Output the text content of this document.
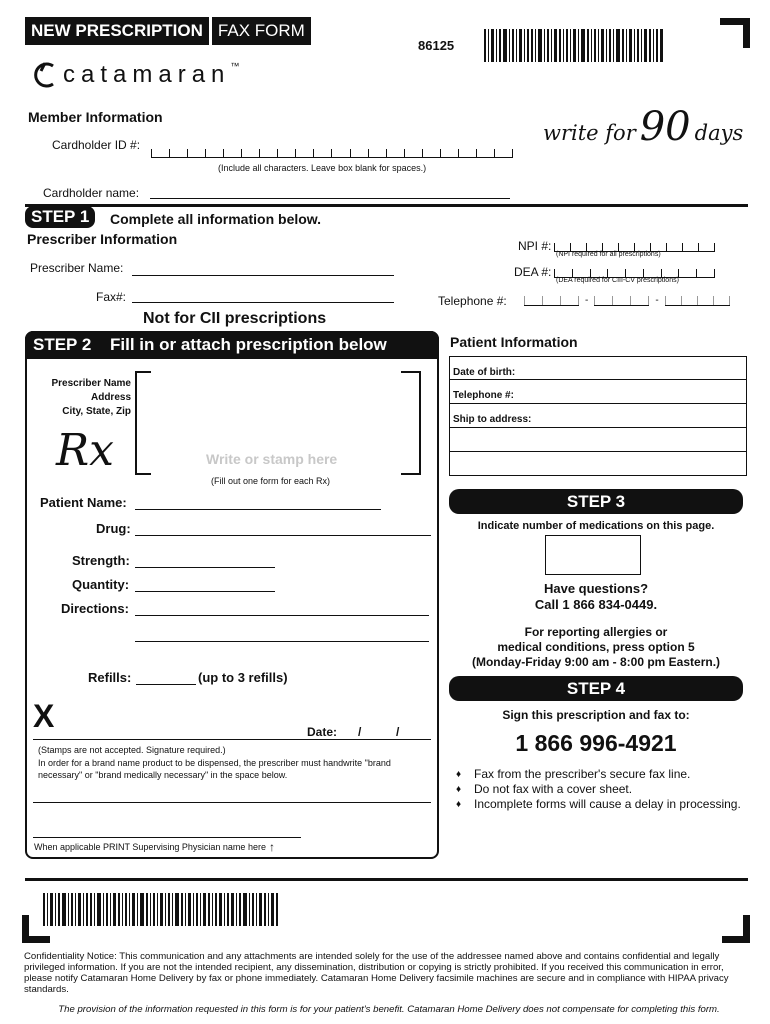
NEW PRESCRIPTION FAX FORM
86125
catamaran ™
write for 90 days
Member Information
Cardholder ID #:
(Include all characters. Leave box blank for spaces.)
Cardholder name:
STEP 1	Complete all information below.
Prescriber Information
Prescriber Name:
Fax#:
NPI #:
(NPI required for all prescriptions)
DEA #:
(DEA required for CIII-CV prescriptions)
Telephone #:	-	-
Not for CII prescriptions
STEP 2 Fill in or attach prescription below
Prescriber Name
Address
City, State, Zip
Rx	Write or stamp here
(Fill out one form for each Rx)
Patient Name:
Drug:
Strength:
Quantity:
Directions:
Refills:	(up to 3 refills)
X	Date: /	/
(Stamps are not accepted. Signature required.)
In order for a brand name product to be dispensed, the prescriber must handwrite "brand necessary" or "brand medically necessary" in the space below.
When applicable PRINT Supervising Physician name here ↑
Patient Information
Date of birth:
Telephone #:
Ship to address:
STEP 3
Indicate number of medications on this page.
Have questions?
Call 1 866 834-0449.
For reporting allergies or
medical conditions, press option 5
(Monday-Friday 9:00 am - 8:00 pm Eastern.)
STEP 4
Sign this prescription and fax to:
1 866 996-4921
♦ Fax from the prescriber's secure fax line.
♦ Do not fax with a cover sheet.
♦ Incomplete forms will cause a delay in processing.
Confidentiality Notice: This communication and any attachments are intended solely for the use of the addressee named above and contains confidential and legally privileged information. If you are not the intended recipient, any dissemination, distribution or copying is strictly prohibited. If you received this communication in error, please notify Catamaran Home Delivery by fax or phone immediately. Catamaran Home Delivery facsimile machines are secure and in compliance with HIPAA privacy standards.
The provision of the information requested in this form is for your patient's benefit. Catamaran Home Delivery does not compensate for completing this form.
